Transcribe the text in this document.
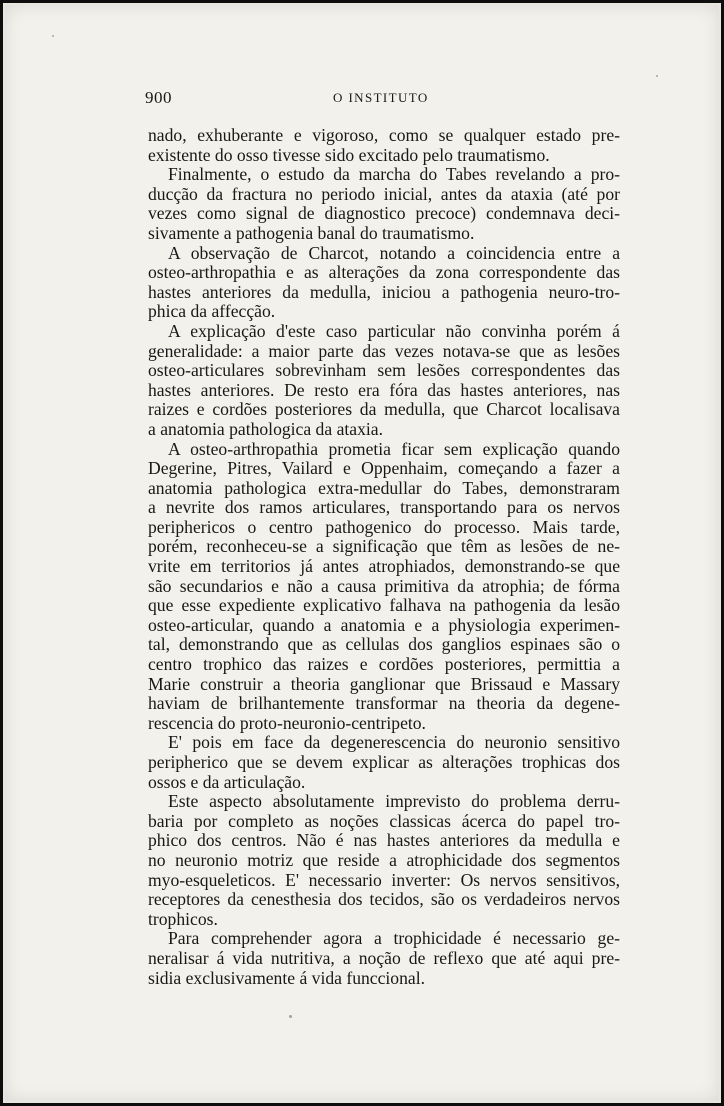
900	O INSTITUTO
nado, exhuberante e vigoroso, como se qualquer estado pre-
existente do osso tivesse sido excitado pelo traumatismo.
Finalmente, o estudo da marcha do Tabes revelando a pro-
ducção da fractura no periodo inicial, antes da ataxia (até por
vezes como signal de diagnostico precoce) condemnava deci-
sivamente a pathogenia banal do traumatismo.
A observação de Charcot, notando a coincidencia entre a
osteo-arthropathia e as alterações da zona correspondente das
hastes anteriores da medulla, iniciou a pathogenia neuro-tro-
phica da affecção.
A explicação d'este caso particular não convinha porém á
generalidade: a maior parte das vezes notava-se que as lesões
osteo-articulares sobrevinham sem lesões correspondentes das
hastes anteriores. De resto era fóra das hastes anteriores, nas
raizes e cordões posteriores da medulla, que Charcot localisava
a anatomia pathologica da ataxia.
A osteo-arthropathia prometia ficar sem explicação quando
Degerine, Pitres, Vailard e Oppenhaim, começando a fazer a
anatomia pathologica extra-medullar do Tabes, demonstraram
a nevrite dos ramos articulares, transportando para os nervos
periphericos o centro pathogenico do processo. Mais tarde,
porém, reconheceu-se a significação que têm as lesões de ne-
vrite em territorios já antes atrophiados, demonstrando-se que
são secundarios e não a causa primitiva da atrophia; de fórma
que esse expediente explicativo falhava na pathogenia da lesão
osteo-articular, quando a anatomia e a physiologia experimen-
tal, demonstrando que as cellulas dos ganglios espinaes são o
centro trophico das raizes e cordões posteriores, permittia a
Marie construir a theoria ganglionar que Brissaud e Massary
haviam de brilhantemente transformar na theoria da degene-
rescencia do proto-neuronio-centripeto.
E' pois em face da degenerescencia do neuronio sensitivo
peripherico que se devem explicar as alterações trophicas dos
ossos e da articulação.
Este aspecto absolutamente imprevisto do problema derru-
baria por completo as noções classicas ácerca do papel tro-
phico dos centros. Não é nas hastes anteriores da medulla e
no neuronio motriz que reside a atrophicidade dos segmentos
myo-esqueleticos. E' necessario inverter: Os nervos sensitivos,
receptores da cenesthesia dos tecidos, são os verdadeiros nervos
trophicos.
Para comprehender agora a trophicidade é necessario ge-
neralisar á vida nutritiva, a noção de reflexo que até aqui pre-
sidia exclusivamente á vida funccional.
